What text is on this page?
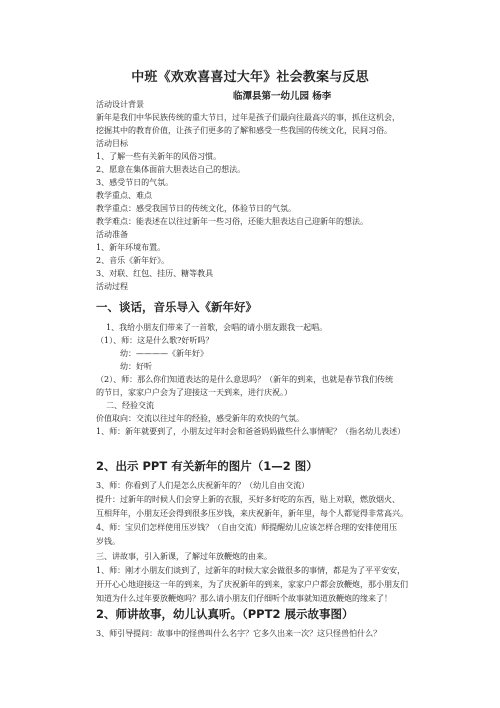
中班《欢欢喜喜过大年》社会教案与反思
临潭县第一幼儿园 杨李
活动设计背景
新年是我们中华民族传统的重大节日，过年是孩子们最向往最高兴的事，抓住这机会，
挖掘其中的教育价值，让孩子们更多的了解和感受一些我国的传统文化，民间习俗。
活动目标
1、了解一些有关新年的风俗习惯。
2、愿意在集体面前大胆表达自己的想法。
3、感受节日的气氛。
教学重点、难点
教学重点：感受我国节日的传统文化，体验节日的气氛。
教学难点：能表述在以往过新年一些习俗，还能大胆表达自己迎新年的想法。
活动准备
1、新年环境布置。
2、音乐《新年好》。
3、对联、红包、挂历、糖等教具
活动过程
一、谈话，音乐导入《新年好》
1、我给小朋友们带来了一首歌，会唱的请小朋友跟我一起唱。
（1）、师：这是什么歌?好听吗？
幼：————《新年好》
幼：好听
（2）、师：那么你们知道表达的是什么意思吗？（新年的到来，也就是春节我们传统
的节日，家家户户会为了迎接这一天到来，进行庆祝。）
二、经验交流
价值取向：交流以往过年的经验，感受新年的欢快的气氛。
1、师：新年就要到了，小朋友过年时会和爸爸妈妈做些什么事情呢？（指名幼儿表述）
2、出示 PPT 有关新年的图片（1—2 图）
3、师：你看到了人们是怎么庆祝新年的？（幼儿自由交流）
提升：过新年的时候人们会穿上新的衣服，买好多好吃的东西，贴上对联，燃放烟火、
互相拜年，小朋友还会得到很多压岁钱，来庆祝新年，新年里，每个人都觉得非常高兴。
4、师：宝贝们怎样使用压岁钱？（自由交流）师提醒幼儿应该怎样合理的安排使用压
岁钱。
三、讲故事，引入新课，了解过年放鞭炮的由来。
1、师：刚才小朋友们谈到了，过新年的时候大家会做很多的事情，都是为了平平安安，
开开心心地迎接这一年的到来，为了庆祝新年的到来，家家户户都会放鞭炮，那小朋友们
知道为什么过年要放鞭炮吗？那么请小朋友们仔细听个故事就知道放鞭炮的缘来了！
2、师讲故事，幼儿认真听。（PPT2 展示故事图）
3、师引导提问：故事中的怪兽叫什么名字？它多久出来一次？这只怪兽怕什么？
